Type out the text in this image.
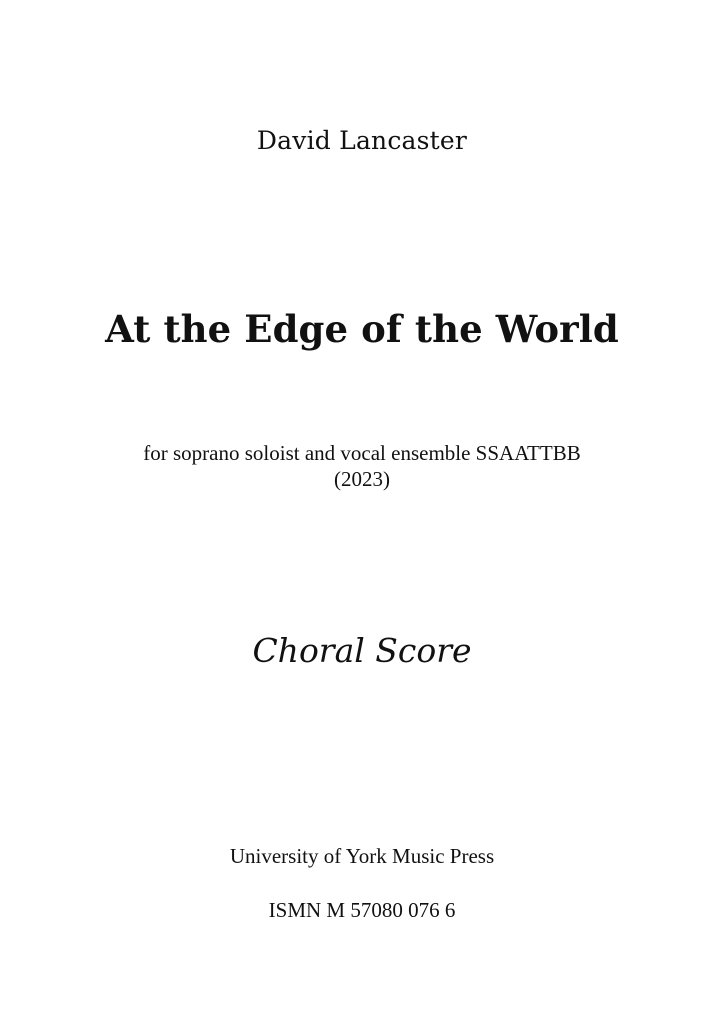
David Lancaster
At the Edge of the World
for soprano soloist and vocal ensemble SSAATTBB
(2023)
Choral Score
University of York Music Press
ISMN M 57080 076 6
